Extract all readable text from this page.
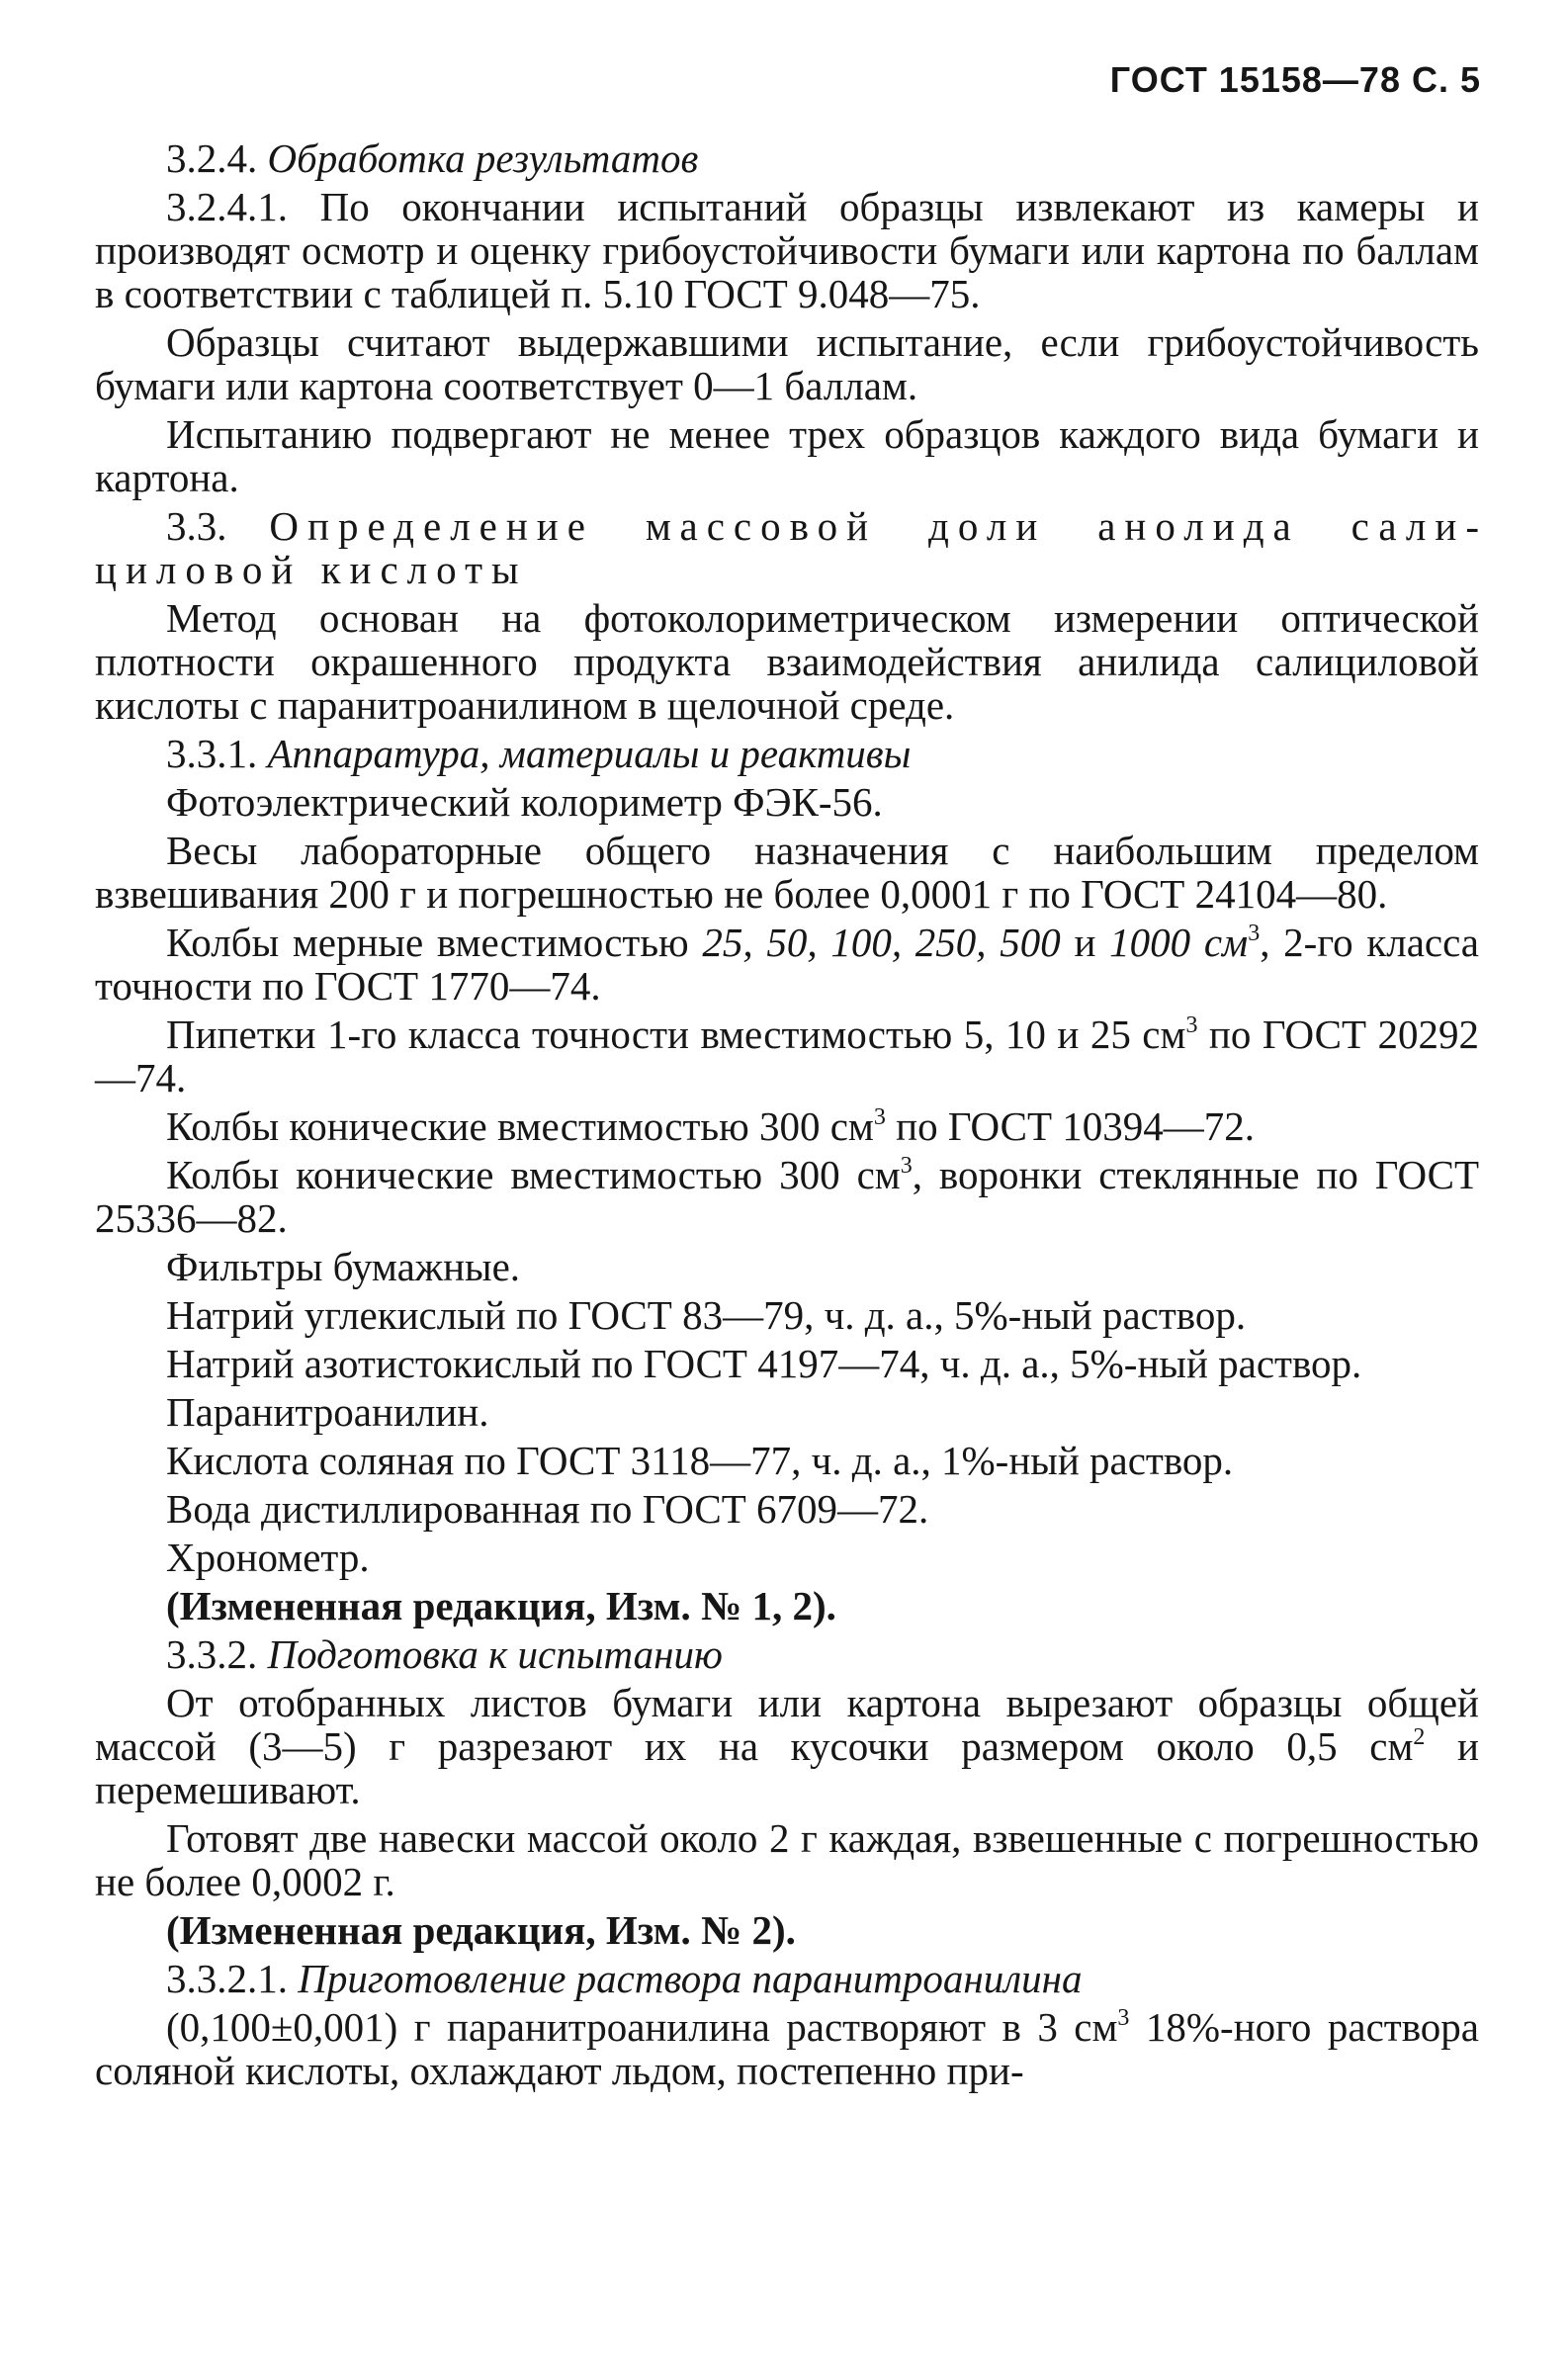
ГОСТ 15158—78 С. 5

3.2.4. Обработка результатов

3.2.4.1. По окончании испытаний образцы извлекают из камеры и производят осмотр и оценку грибоустойчивости бумаги или картона по баллам в соответствии с таблицей п. 5.10 ГОСТ 9.048—75.

Образцы считают выдержавшими испытание, если грибоустойчивость бумаги или картона соответствует 0—1 баллам.

Испытанию подвергают не менее трех образцов каждого вида бумаги и картона.

3.3. Определение массовой доли анолида салициловой кислоты

Метод основан на фотоколориметрическом измерении оптической плотности окрашенного продукта взаимодействия анилида салициловой кислоты с паранитроанилином в щелочной среде.

3.3.1. Аппаратура, материалы и реактивы

Фотоэлектрический колориметр ФЭК-56.

Весы лабораторные общего назначения с наибольшим пределом взвешивания 200 г и погрешностью не более 0,0001 г по ГОСТ 24104—80.

Колбы мерные вместимостью 25, 50, 100, 250, 500 и 1000 $см^3$, 2-го класса точности по ГОСТ 1770—74.

Пипетки 1-го класса точности вместимостью 5, 10 и 25 $см^3$ по ГОСТ 20292—74.

Колбы конические вместимостью 300 $см^3$ по ГОСТ 10394—72.

Колбы конические вместимостью 300 $см^3$, воронки стеклянные по ГОСТ 25336—82.

Фильтры бумажные.

Натрий углекислый по ГОСТ 83—79, ч. д. а., 5%-ный раствор.

Натрий азотистокислый по ГОСТ 4197—74, ч. д. а., 5%-ный раствор.

Паранитроанилин.

Кислота соляная по ГОСТ 3118—77, ч. д. а., 1%-ный раствор.

Вода дистиллированная по ГОСТ 6709—72.

Хронометр.

(Измененная редакция, Изм. № 1, 2).

3.3.2. Подготовка к испытанию

От отобранных листов бумаги или картона вырезают образцы общей массой (3—5) г разрезают их на кусочки размером около 0,5 $см^2$ и перемешивают.

Готовят две навески массой около 2 г каждая, взвешенные с погрешностью не более 0,0002 г.

(Измененная редакция, Изм. № 2).

3.3.2.1. Приготовление раствора паранитроанилина

(0,100±0,001) г паранитроанилина растворяют в 3 $см^3$ 18%-ного раствора соляной кислоты, охлаждают льдом, постепенно при-
